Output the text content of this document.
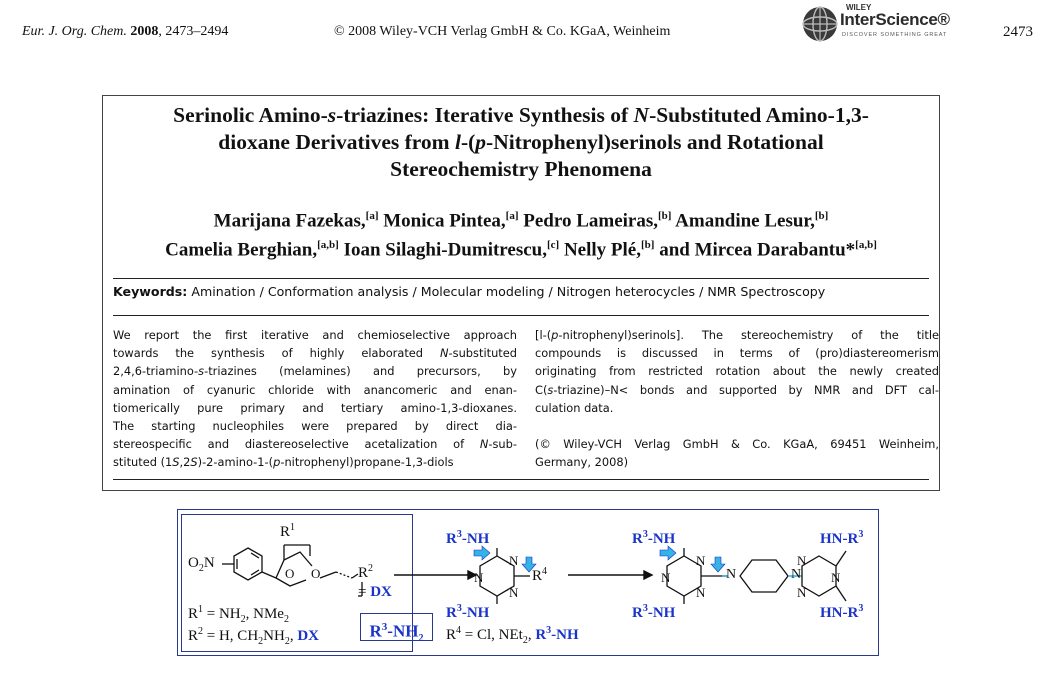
Eur. J. Org. Chem. 2008, 2473–2494	© 2008 Wiley-VCH Verlag GmbH & Co. KGaA, Weinheim
WILEY
InterScience®
DISCOVER SOMETHING GREAT	2473
Serinolic Amino-s-triazines: Iterative Synthesis of N-Substituted Amino-1,3-
dioxane Derivatives from l-(p-Nitrophenyl)serinols and Rotational
Stereochemistry Phenomena
Marijana Fazekas,[a] Monica Pintea,[a] Pedro Lameiras,[b] Amandine Lesur,[b]
Camelia Berghian,[a,b] Ioan Silaghi-Dumitrescu,[c] Nelly Plé,[b] and Mircea Darabantu*[a,b]
Keywords: Amination / Conformation analysis / Molecular modeling / Nitrogen heterocycles / NMR Spectroscopy
We report the first iterative and chemioselective approach
towards the synthesis of highly elaborated N-substituted
2,4,6-triamino-s-triazines (melamines) and precursors, by
amination of cyanuric chloride with anancomeric and enan-
tiomerically pure primary and tertiary amino-1,3-dioxanes.
The starting nucleophiles were prepared by direct dia-
stereospecific and diastereoselective acetalization of N-sub-
stituted (1S,2S)-2-amino-1-(p-nitrophenyl)propane-1,3-diols
[l-(p-nitrophenyl)serinols]. The stereochemistry of the title
compounds is discussed in terms of (pro)diastereomerism
originating from restricted rotation about the newly created
C(s-triazine)–N< bonds and supported by NMR and DFT cal-
culation data.
(© Wiley-VCH Verlag GmbH & Co. KGaA, 69451 Weinheim,
Germany, 2008)
$O_2N$
$R^1$
O O	$R^2$
= DX
$R^1 = NH_2$, NMe$_2$
$R^2 = H$, $CH_2NH_2$, DX	$R^3-NH_2$
$R^3-NH$
N
N
N
$R^4$
$R^3-NH$
$R^4 = Cl$, NEt$_2$, $R^3-NH$
$R^3-NH$
N
N
N
$R^3-NH$
N	N
N
N
N
$HN-R^3$
$HN-R^3$
